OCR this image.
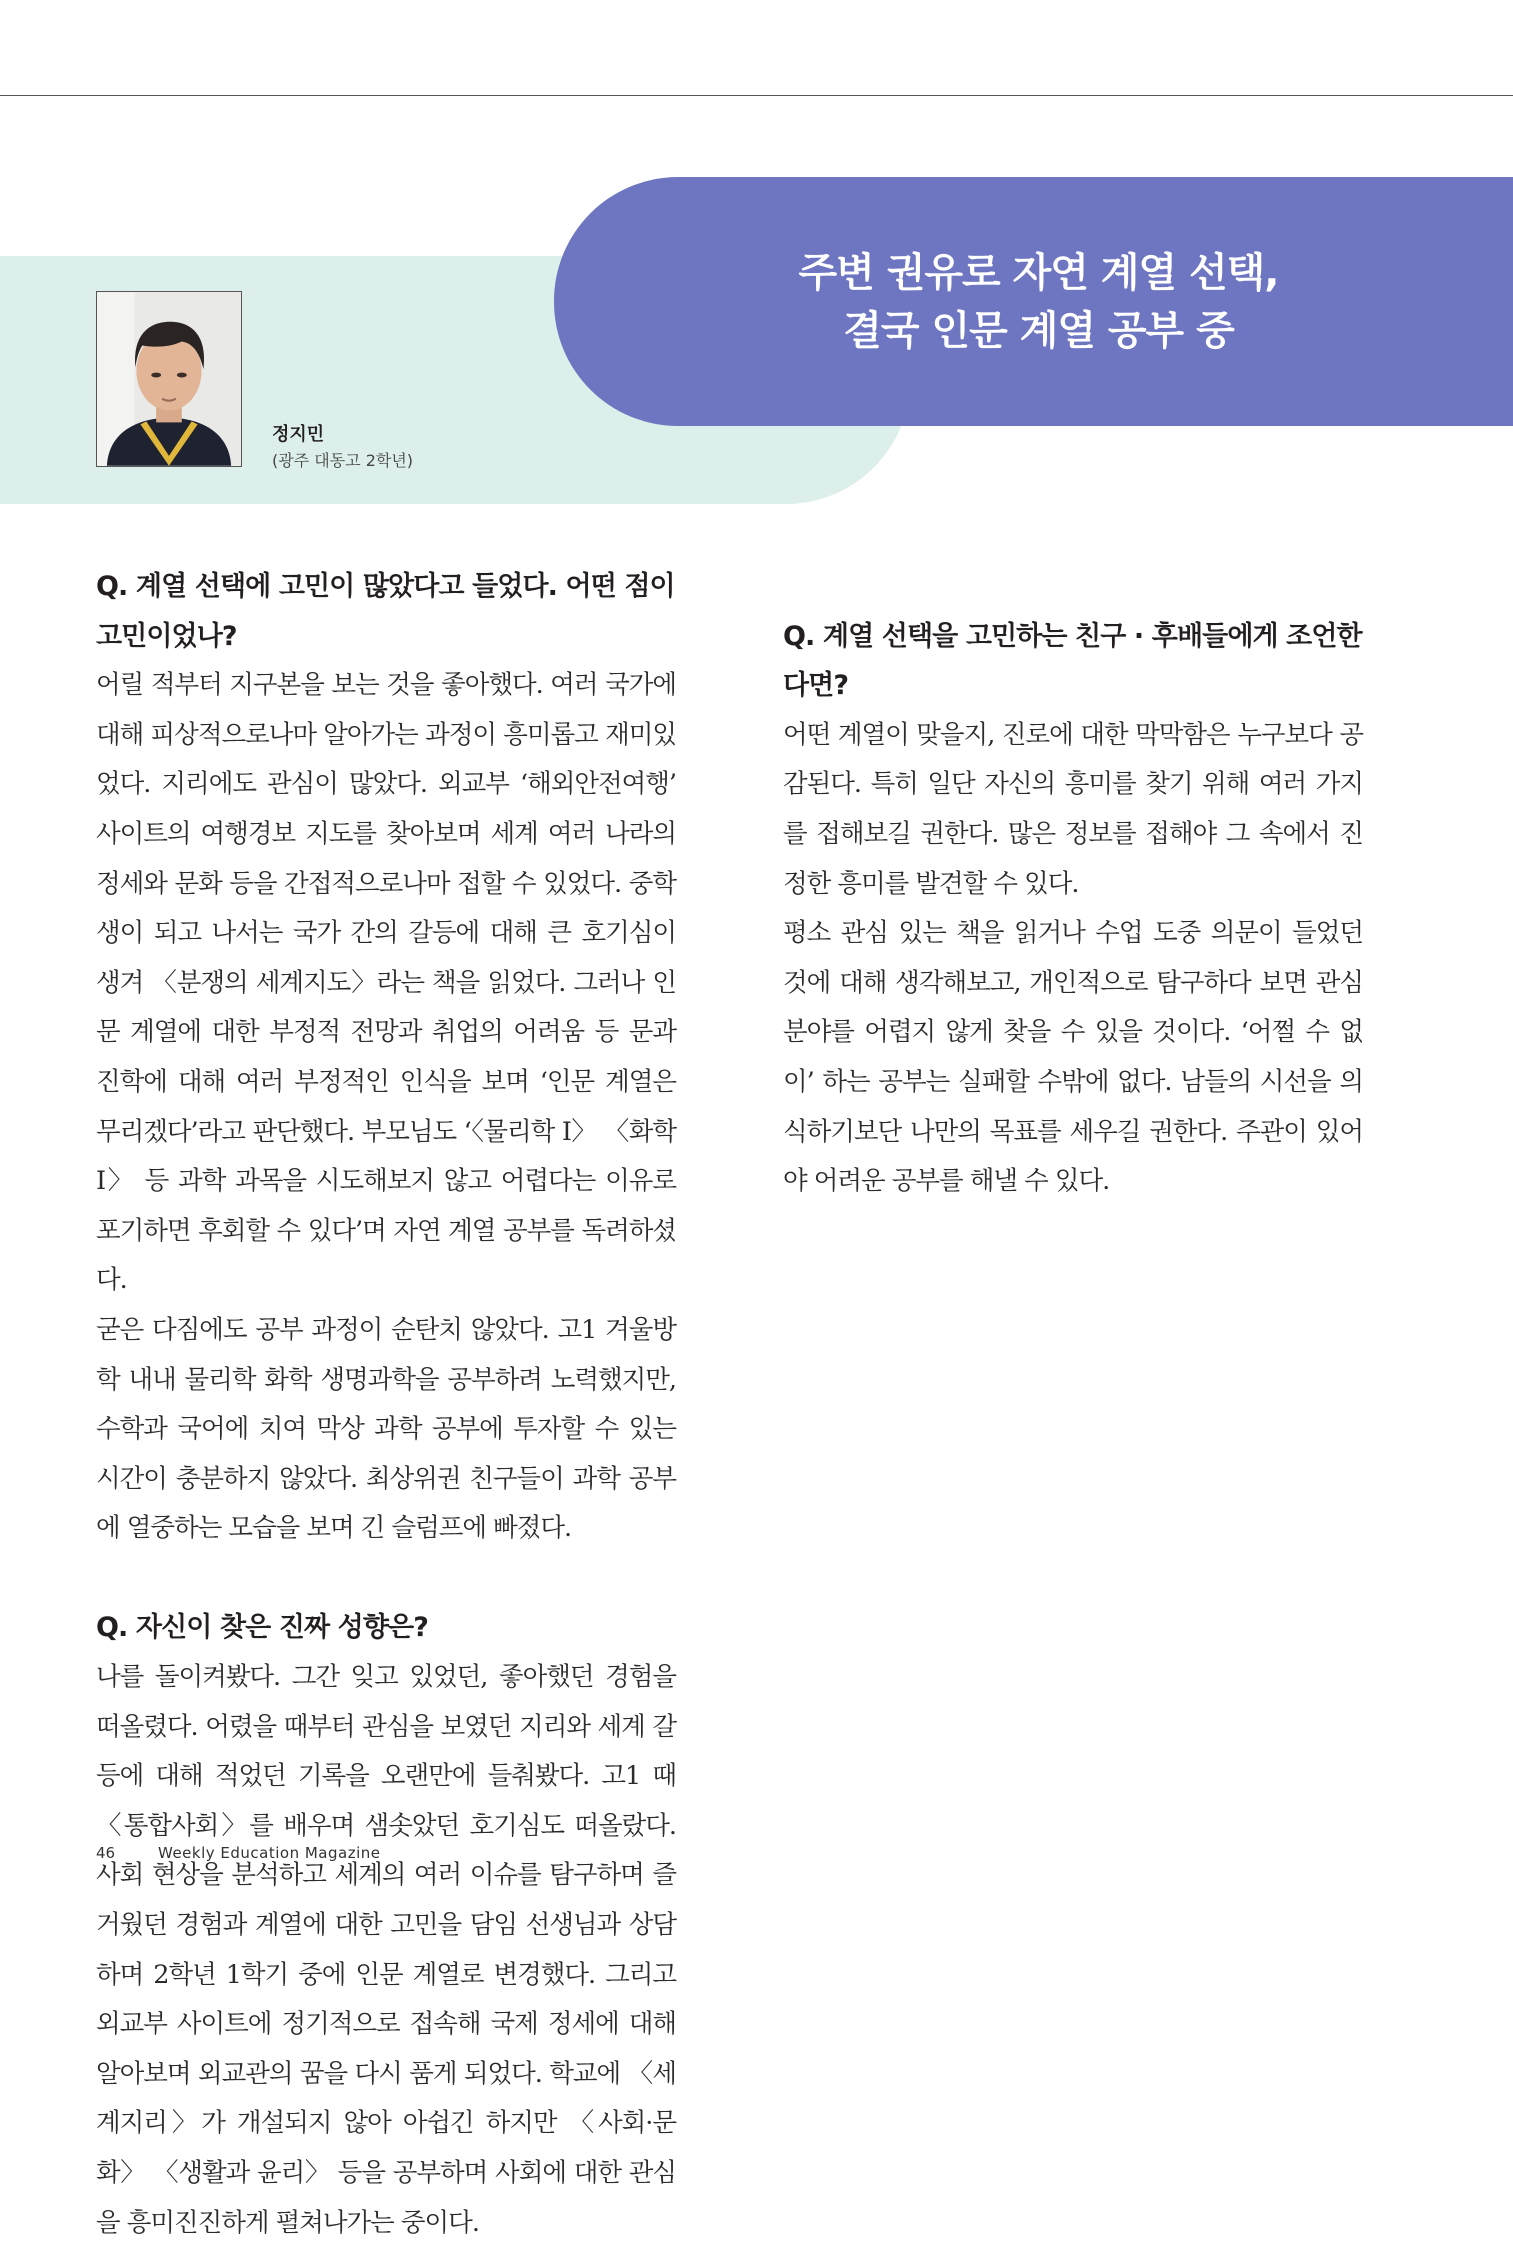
주변 권유로 자연 계열 선택,
결국 인문 계열 공부 중
정지민
(광주 대동고 2학년)

Q. 계열 선택에 고민이 많았다고 들었다. 어떤 점이 고민이었나?

어릴 적부터 지구본을 보는 것을 좋아했다. 여러 국가에 대해 피상적으로나마 알아가는 과정이 흥미롭고 재미있었다. 지리에도 관심이 많았다. 외교부 ‘해외안전여행’ 사이트의 여행경보 지도를 찾아보며 세계 여러 나라의 정세와 문화 등을 간접적으로나마 접할 수 있었다. 중학생이 되고 나서는 국가 간의 갈등에 대해 큰 호기심이 생겨 〈분쟁의 세계지도〉라는 책을 읽었다. 그러나 인문 계열에 대한 부정적 전망과 취업의 어려움 등 문과 진학에 대해 여러 부정적인 인식을 보며 ‘인문 계열은 무리겠다’라고 판단했다. 부모님도 ‘〈물리학 Ⅰ〉 〈화학 Ⅰ〉 등 과학 과목을 시도해보지 않고 어렵다는 이유로 포기하면 후회할 수 있다’며 자연 계열 공부를 독려하셨다.

굳은 다짐에도 공부 과정이 순탄치 않았다. 고1 겨울방학 내내 물리학 화학 생명과학을 공부하려 노력했지만, 수학과 국어에 치여 막상 과학 공부에 투자할 수 있는 시간이 충분하지 않았다. 최상위권 친구들이 과학 공부에 열중하는 모습을 보며 긴 슬럼프에 빠졌다.

Q. 자신이 찾은 진짜 성향은?

나를 돌이켜봤다. 그간 잊고 있었던, 좋아했던 경험을 떠올렸다. 어렸을 때부터 관심을 보였던 지리와 세계 갈등에 대해 적었던 기록을 오랜만에 들춰봤다. 고1 때 〈통합사회〉를 배우며 샘솟았던 호기심도 떠올랐다. 사회 현상을 분석하고 세계의 여러 이슈를 탐구하며 즐거웠던 경험과 계열에 대한 고민을 담임 선생님과 상담하며 2학년 1학기 중에 인문 계열로 변경했다. 그리고 외교부 사이트에 정기적으로 접속해 국제 정세에 대해 알아보며 외교관의 꿈을 다시 품게 되었다. 학교에 〈세계지리〉가 개설되지 않아 아쉽긴 하지만 〈사회·문화〉 〈생활과 윤리〉 등을 공부하며 사회에 대한 관심을 흥미진진하게 펼쳐나가는 중이다.

Q. 계열 선택을 고민하는 친구 · 후배들에게 조언한다면?

어떤 계열이 맞을지, 진로에 대한 막막함은 누구보다 공감된다. 특히 일단 자신의 흥미를 찾기 위해 여러 가지를 접해보길 권한다. 많은 정보를 접해야 그 속에서 진정한 흥미를 발견할 수 있다.

평소 관심 있는 책을 읽거나 수업 도중 의문이 들었던 것에 대해 생각해보고, 개인적으로 탐구하다 보면 관심 분야를 어렵지 않게 찾을 수 있을 것이다. ‘어쩔 수 없이’ 하는 공부는 실패할 수밖에 없다. 남들의 시선을 의식하기보단 나만의 목표를 세우길 권한다. 주관이 있어야 어려운 공부를 해낼 수 있다.

46	Weekly Education Magazine
